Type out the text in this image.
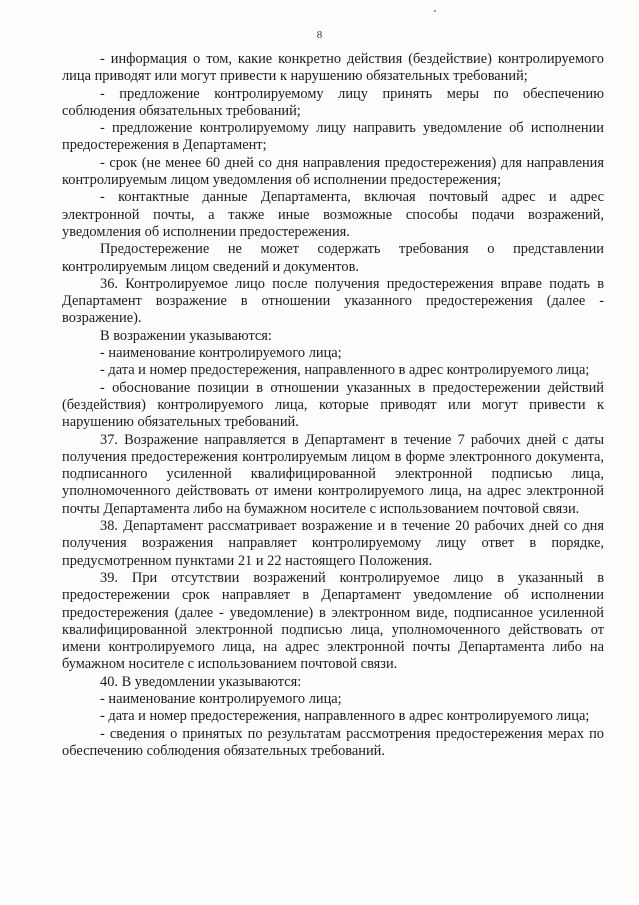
8

- информация о том, какие конкретно действия (бездействие) контролируемого лица приводят или могут привести к нарушению обязательных требований;

- предложение контролируемому лицу принять меры по обеспечению соблюдения обязательных требований;

- предложение контролируемому лицу направить уведомление об исполнении предостережения в Департамент;

- срок (не менее 60 дней со дня направления предостережения) для направления контролируемым лицом уведомления об исполнении предостережения;

- контактные данные Департамента, включая почтовый адрес и адрес электронной почты, а также иные возможные способы подачи возражений, уведомления об исполнении предостережения.

Предостережение не может содержать требования о представлении контролируемым лицом сведений и документов.

36. Контролируемое лицо после получения предостережения вправе подать в Департамент возражение в отношении указанного предостережения (далее - возражение).

В возражении указываются:

- наименование контролируемого лица;

- дата и номер предостережения, направленного в адрес контролируемого лица;

- обоснование позиции в отношении указанных в предостережении действий (бездействия) контролируемого лица, которые приводят или могут привести к нарушению обязательных требований.

37. Возражение направляется в Департамент в течение 7 рабочих дней с даты получения предостережения контролируемым лицом в форме электронного документа, подписанного усиленной квалифицированной электронной подписью лица, уполномоченного действовать от имени контролируемого лица, на адрес электронной почты Департамента либо на бумажном носителе с использованием почтовой связи.

38. Департамент рассматривает возражение и в течение 20 рабочих дней со дня получения возражения направляет контролируемому лицу ответ в порядке, предусмотренном пунктами 21 и 22 настоящего Положения.

39. При отсутствии возражений контролируемое лицо в указанный в предостережении срок направляет в Департамент уведомление об исполнении предостережения (далее - уведомление) в электронном виде, подписанное усиленной квалифицированной электронной подписью лица, уполномоченного действовать от имени контролируемого лица, на адрес электронной почты Департамента либо на бумажном носителе с использованием почтовой связи.

40. В уведомлении указываются:

- наименование контролируемого лица;

- дата и номер предостережения, направленного в адрес контролируемого лица;

- сведения о принятых по результатам рассмотрения предостережения мерах по обеспечению соблюдения обязательных требований.
